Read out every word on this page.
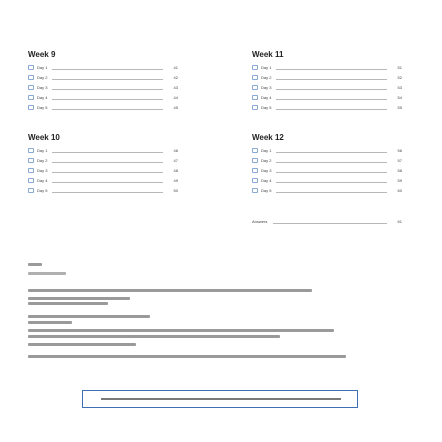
Week 9
Day 1	41
Day 2	42
Day 3	43
Day 4	44
Day 5	45
Week 10
Day 1	46
Day 2	47
Day 3	48
Day 4	49
Day 5	50
Week 11
Day 1	51
Day 2	52
Day 3	53
Day 4	54
Day 5	55
Week 12
Day 1	56
Day 2	57
Day 3	58
Day 4	59
Day 5	60
Answers	61
